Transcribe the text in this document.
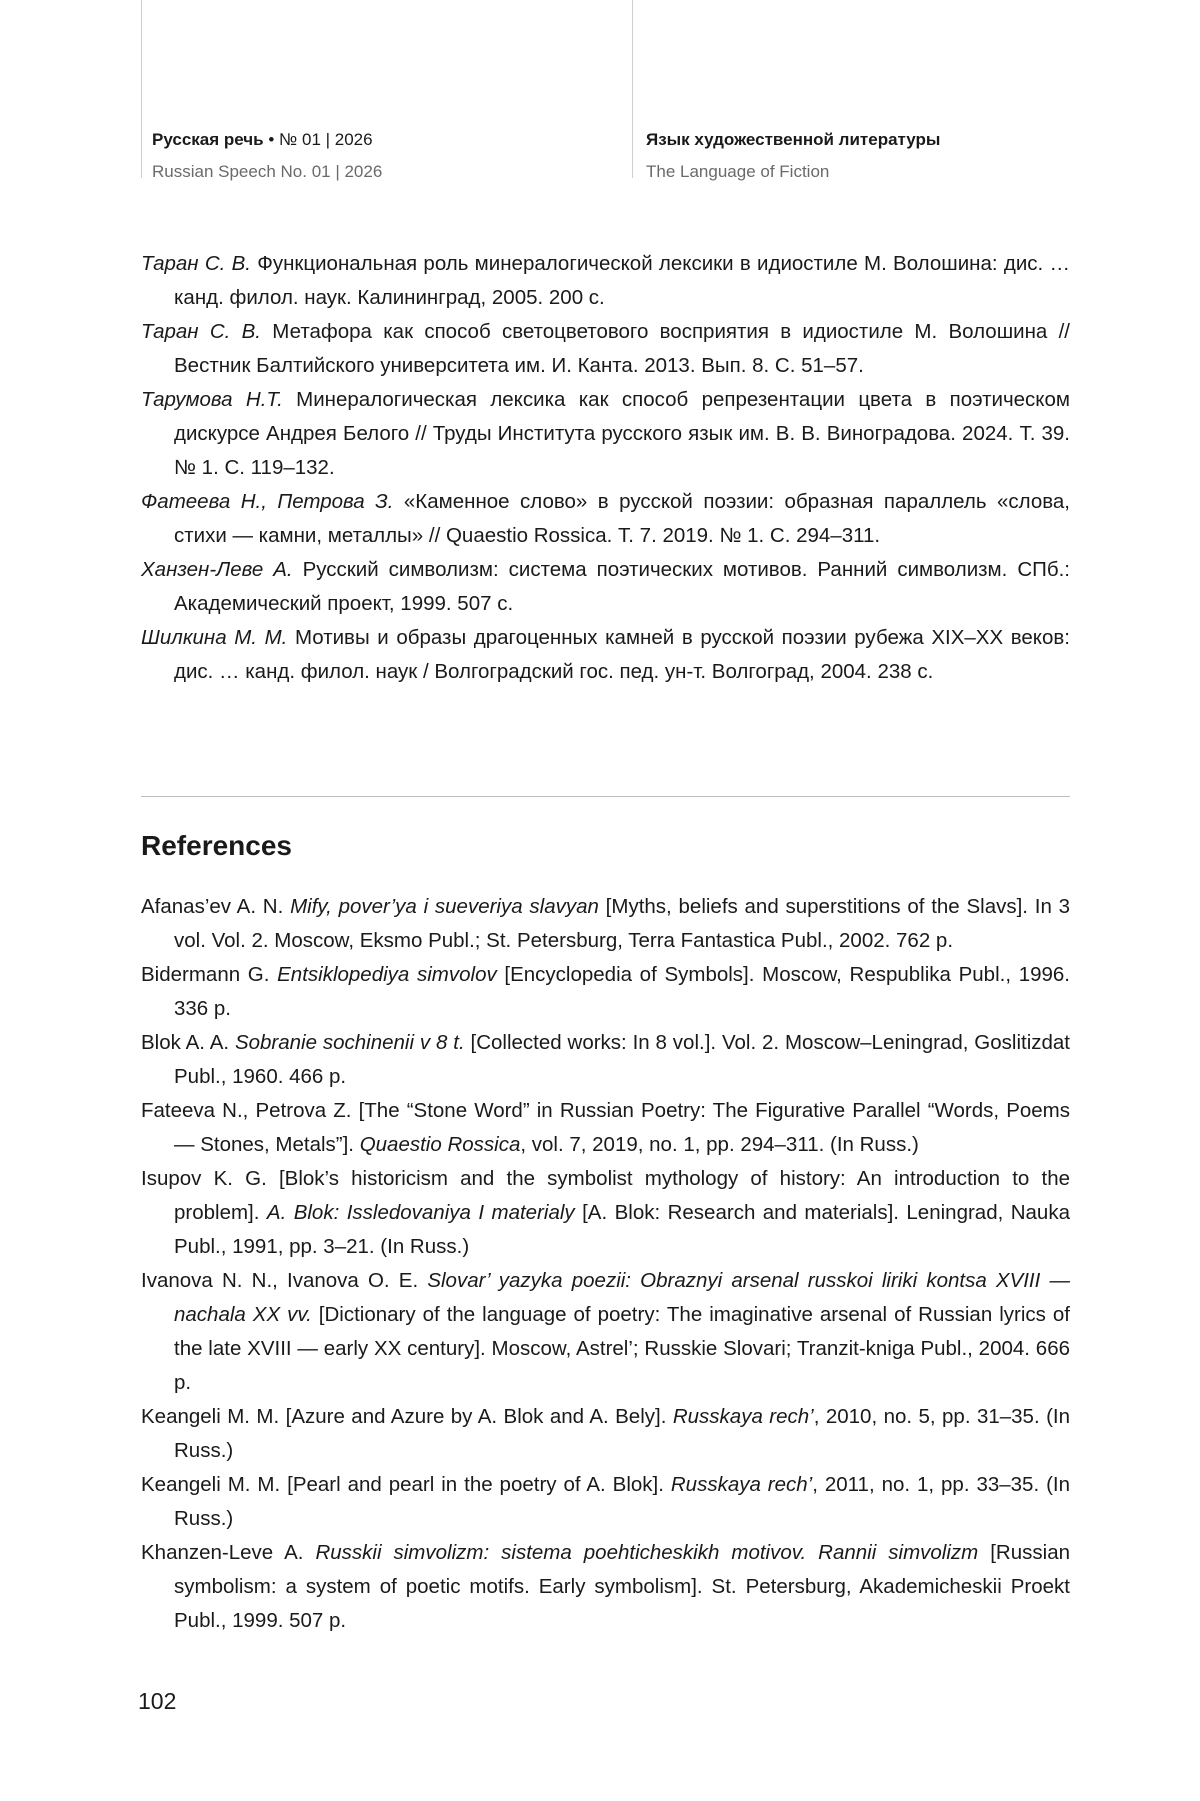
Русская речь • № 01 | 2026
Russian Speech No. 01 | 2026
Язык художественной литературы
The Language of Fiction
Таран С. В. Функциональная роль минералогической лексики в идиостиле М. Волошина: дис. … канд. филол. наук. Калининград, 2005. 200 с.
Таран С. В. Метафора как способ светоцветового восприятия в идиостиле М. Волошина // Вестник Балтийского университета им. И. Канта. 2013. Вып. 8. С. 51–57.
Тарумова Н.Т. Минералогическая лексика как способ репрезентации цвета в поэтическом дискурсе Андрея Белого // Труды Института русского язык им. В. В. Виноградова. 2024. Т. 39. № 1. С. 119–132.
Фатеева Н., Петрова З. «Каменное слово» в русской поэзии: образная параллель «слова, стихи — камни, металлы» // Quaestio Rossica. Т. 7. 2019. № 1. С. 294–311.
Ханзен-Леве А. Русский символизм: система поэтических мотивов. Ранний символизм. СПб.: Академический проект, 1999. 507 с.
Шилкина М. М. Мотивы и образы драгоценных камней в русской поэзии рубежа XIX–XX веков: дис. … канд. филол. наук / Волгоградский гос. пед. ун-т. Волгоград, 2004. 238 с.
References
Afanas’ev A. N. Mify, pover’ya i sueveriya slavyan [Myths, beliefs and superstitions of the Slavs]. In 3 vol. Vol. 2. Moscow, Eksmo Publ.; St. Petersburg, Terra Fantastica Publ., 2002. 762 p.
Bidermann G. Entsiklopediya simvolov [Encyclopedia of Symbols]. Moscow, Respublika Publ., 1996. 336 p.
Blok A. A. Sobranie sochinenii v 8 t. [Collected works: In 8 vol.]. Vol. 2. Moscow–Leningrad, Goslitizdat Publ., 1960. 466 p.
Fateeva N., Petrova Z. [The “Stone Word” in Russian Poetry: The Figurative Parallel “Words, Poems — Stones, Metals”]. Quaestio Rossica, vol. 7, 2019, no. 1, pp. 294–311. (In Russ.)
Isupov K. G. [Blok’s historicism and the symbolist mythology of history: An introduction to the problem]. A. Blok: Issledovaniya I materialy [A. Blok: Research and materials]. Leningrad, Nauka Publ., 1991, pp. 3–21. (In Russ.)
Ivanova N. N., Ivanova O. E. Slovar’ yazyka poezii: Obraznyi arsenal russkoi liriki kontsa XVIII — nachala XX vv. [Dictionary of the language of poetry: The imaginative arsenal of Russian lyrics of the late XVIII — early XX century]. Moscow, Astrel’; Russkie Slovari; Tranzit-kniga Publ., 2004. 666 p.
Keangeli M. M. [Azure and Azure by A. Blok and A. Bely]. Russkaya rech’, 2010, no. 5, pp. 31–35. (In Russ.)
Keangeli M. M. [Pearl and pearl in the poetry of A. Blok]. Russkaya rech’, 2011, no. 1, pp. 33–35. (In Russ.)
Khanzen-Leve A. Russkii simvolizm: sistema poehticheskikh motivov. Rannii simvolizm [Russian symbolism: a system of poetic motifs. Early symbolism]. St. Petersburg, Akademicheskii Proekt Publ., 1999. 507 p.
102
